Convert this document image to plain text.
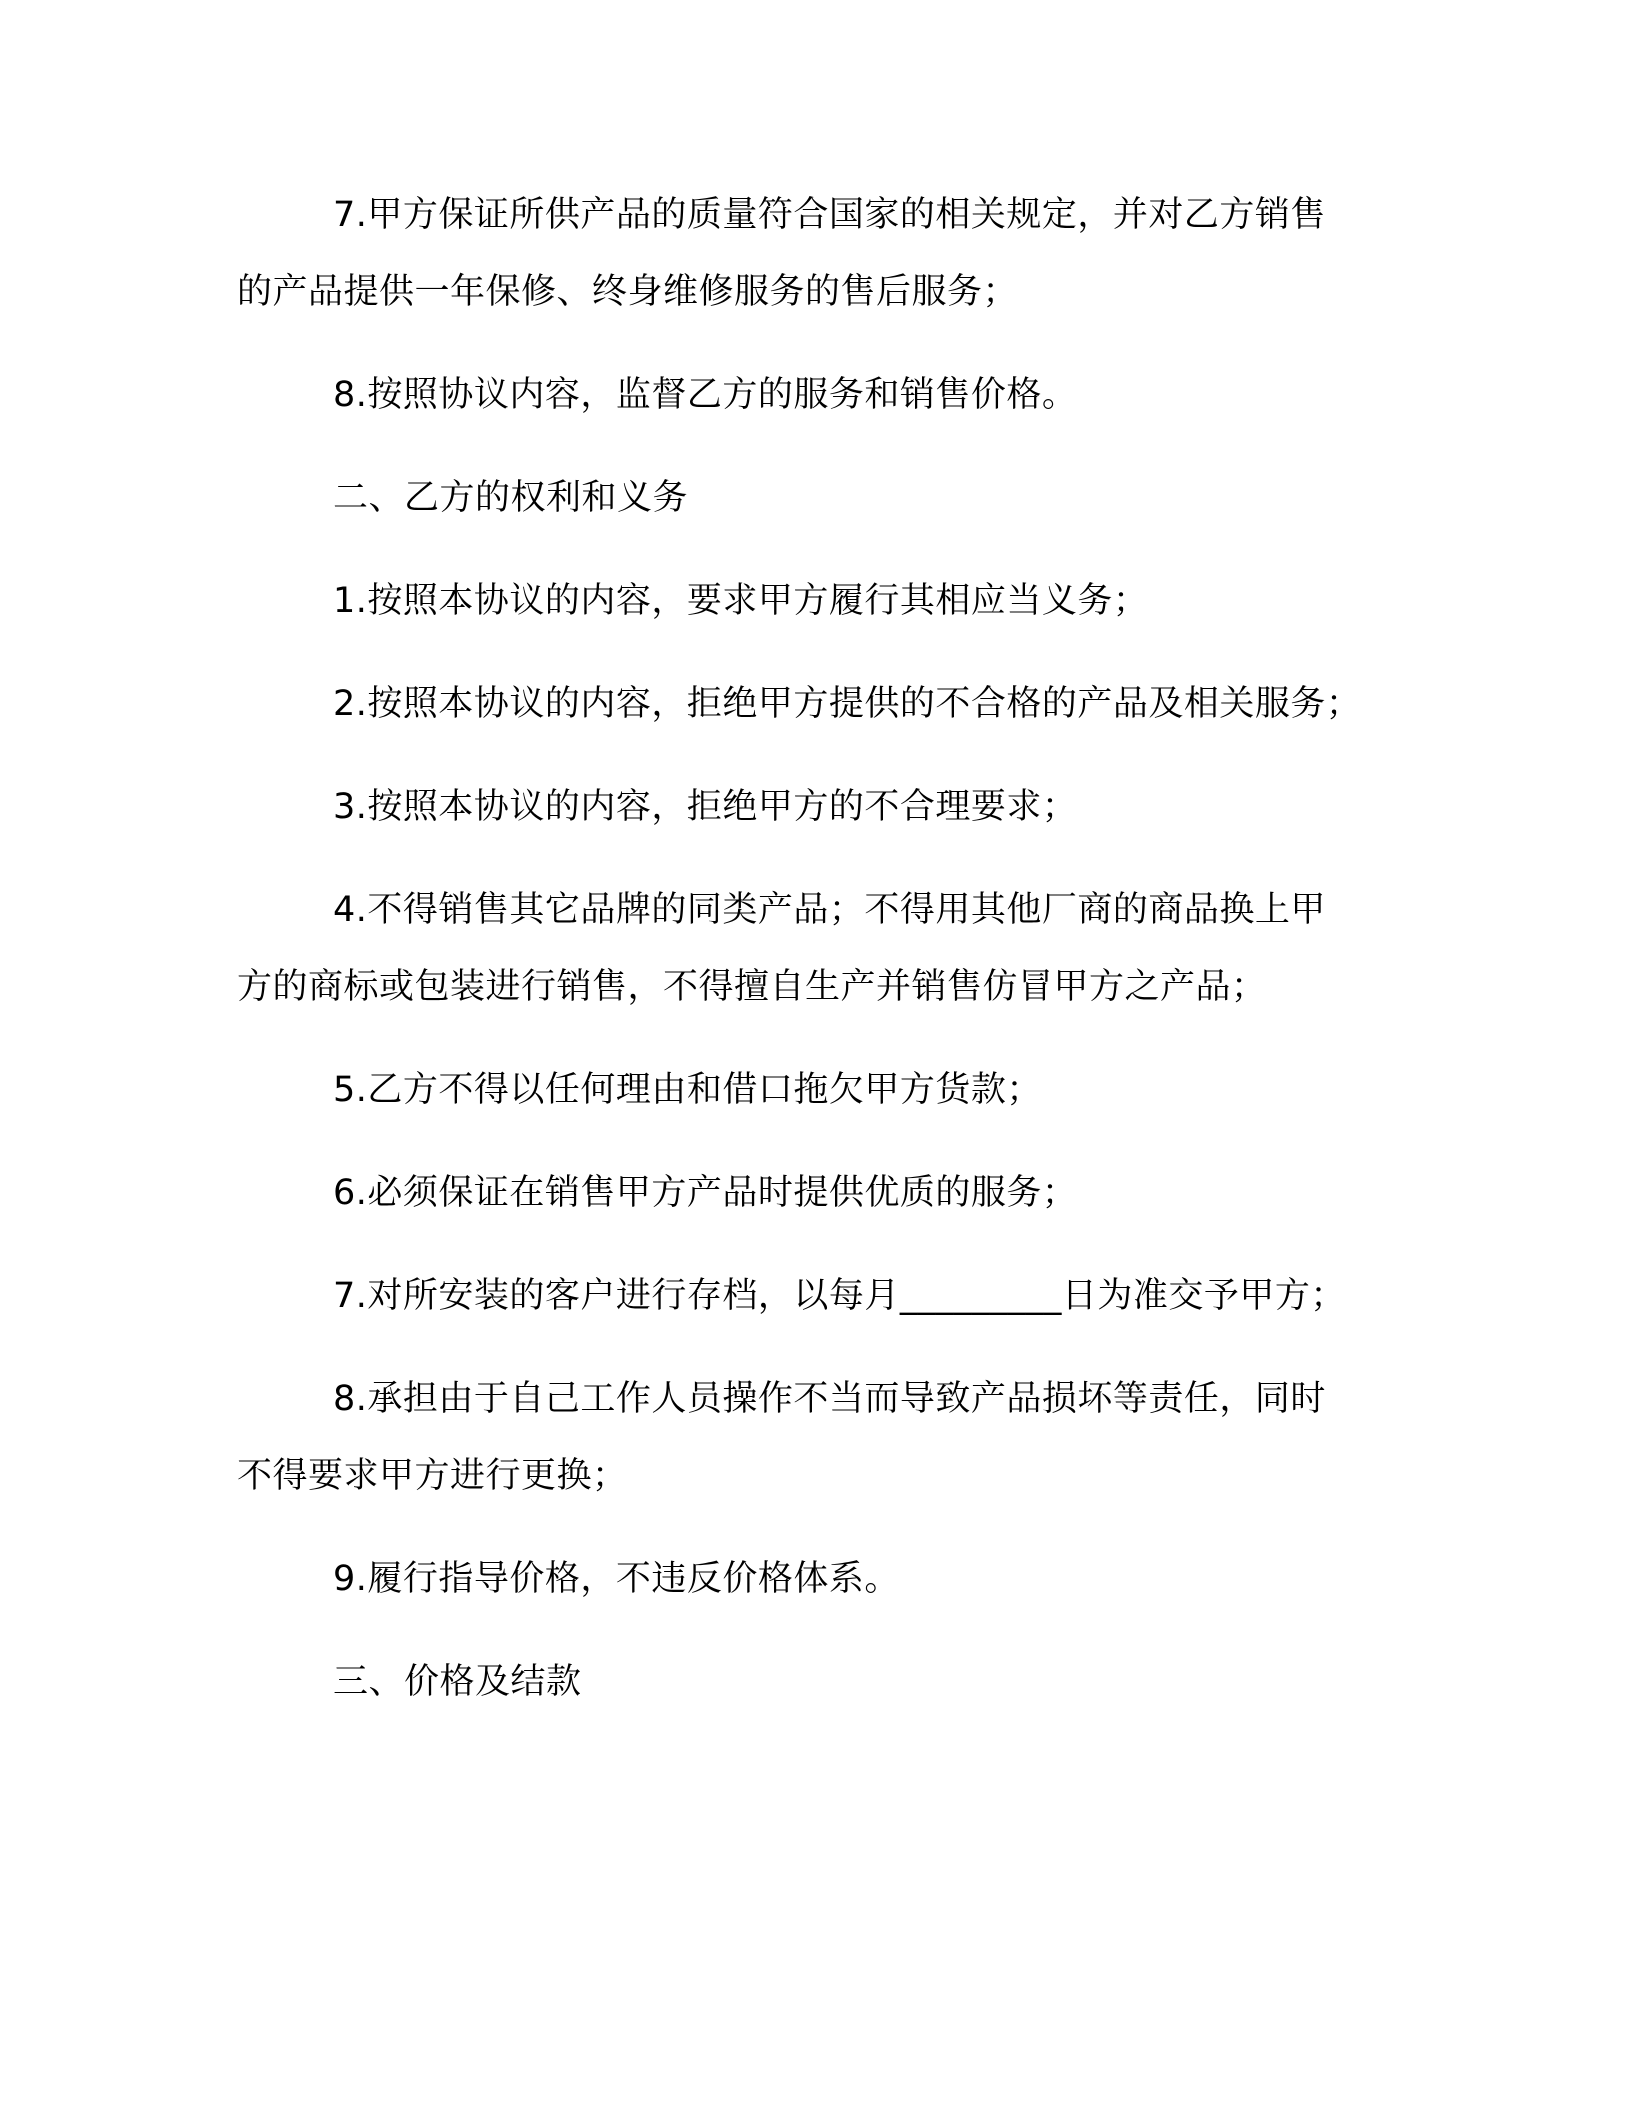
7.甲方保证所供产品的质量符合国家的相关规定，并对乙方销售
的产品提供一年保修、终身维修服务的售后服务；

8.按照协议内容，监督乙方的服务和销售价格。

二、乙方的权利和义务

1.按照本协议的内容，要求甲方履行其相应当义务；

2.按照本协议的内容，拒绝甲方提供的不合格的产品及相关服务；

3.按照本协议的内容，拒绝甲方的不合理要求；

4.不得销售其它品牌的同类产品；不得用其他厂商的商品换上甲
方的商标或包装进行销售，不得擅自生产并销售仿冒甲方之产品；

5.乙方不得以任何理由和借口拖欠甲方货款；

6.必须保证在销售甲方产品时提供优质的服务；

7.对所安装的客户进行存档，以每月_________日为准交予甲方；

8.承担由于自己工作人员操作不当而导致产品损坏等责任，同时
不得要求甲方进行更换；

9.履行指导价格，不违反价格体系。

三、价格及结款
